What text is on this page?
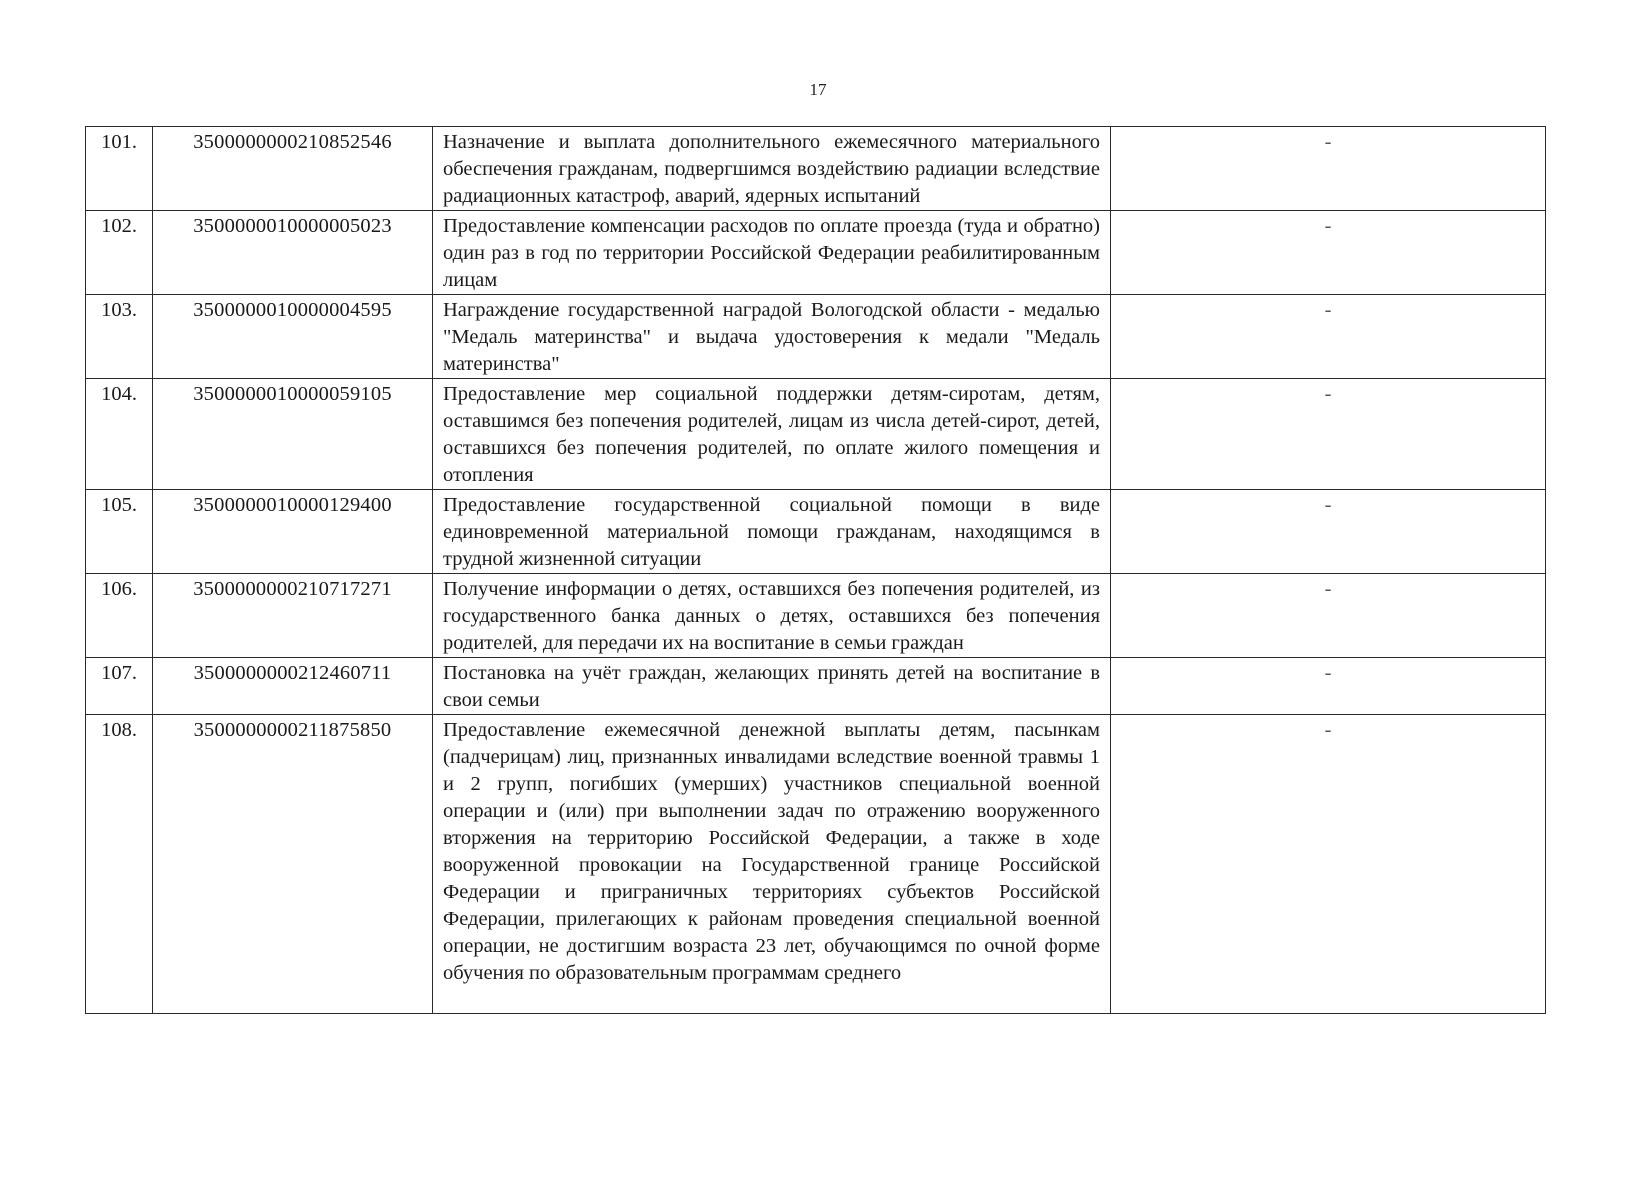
17
101.	3500000000210852546	Назначение и выплата дополнительного ежемесячного материального обеспечения гражданам, подвергшимся воздействию радиации вследствие радиационных катастроф, аварий, ядерных испытаний	-
102.	3500000010000005023	Предоставление компенсации расходов по оплате проезда (туда и обратно) один раз в год по территории Российской Федерации реабилитированным лицам	-
103.	3500000010000004595	Награждение государственной наградой Вологодской области - медалью "Медаль материнства" и выдача удостоверения к медали "Медаль материнства"	-
104.	3500000010000059105	Предоставление мер социальной поддержки детям-сиротам, детям, оставшимся без попечения родителей, лицам из числа детей-сирот, детей, оставшихся без попечения родителей, по оплате жилого помещения и отопления	-
105.	3500000010000129400	Предоставление государственной социальной помощи в виде единовременной материальной помощи гражданам, находящимся в трудной жизненной ситуации	-
106.	3500000000210717271	Получение информации о детях, оставшихся без попечения родителей, из государственного банка данных о детях, оставшихся без попечения родителей, для передачи их на воспитание в семьи граждан	-
107.	3500000000212460711	Постановка на учёт граждан, желающих принять детей на воспитание в свои семьи	-
108.	3500000000211875850	Предоставление ежемесячной денежной выплаты детям, пасынкам (падчерицам) лиц, признанных инвалидами вследствие военной травмы 1 и 2 групп, погибших (умерших) участников специальной военной операции и (или) при выполнении задач по отражению вооруженного вторжения на территорию Российской Федерации, а также в ходе вооруженной провокации на Государственной границе Российской Федерации и приграничных территориях субъектов Российской Федерации, прилегающих к районам проведения специальной военной операции, не достигшим возраста 23 лет, обучающимся по очной форме обучения по образовательным программам среднего	-
